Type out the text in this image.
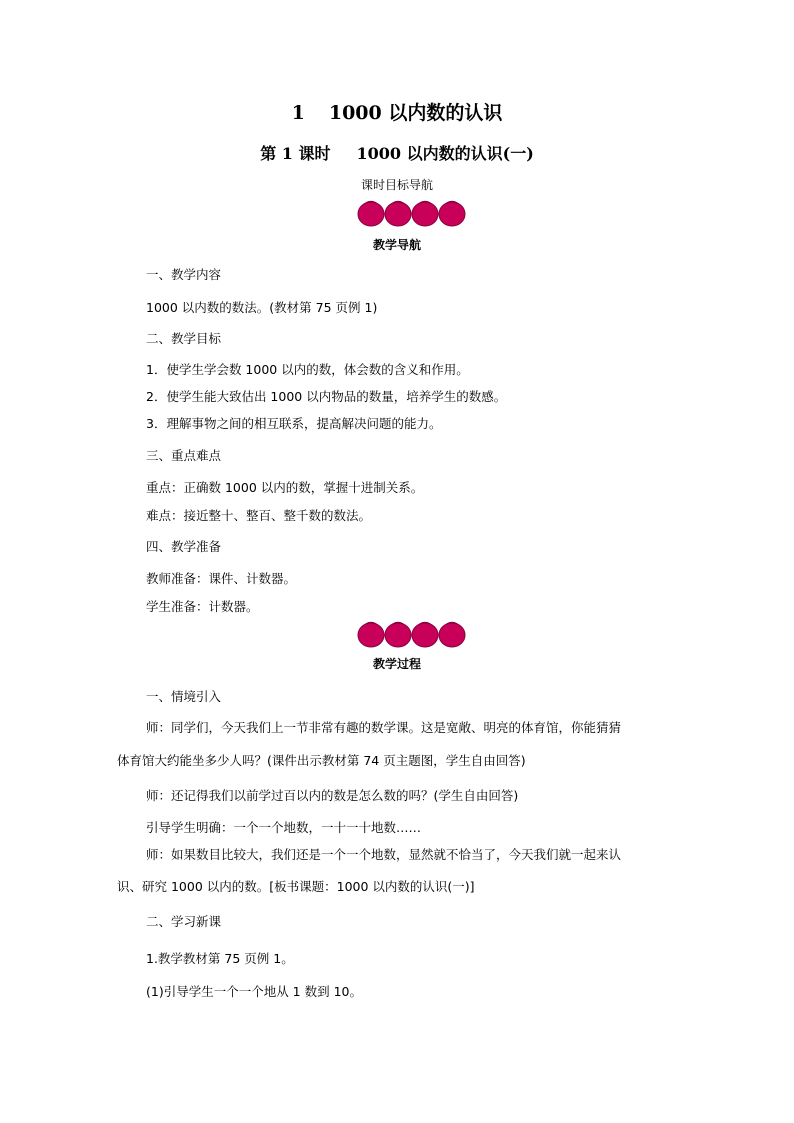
1 1000 以内数的认识
第 1 课时 1000 以内数的认识(一)
课时目标导航
教学导航
一、教学内容
1000 以内数的数法。(教材第 75 页例 1)
二、教学目标
1．使学生学会数 1000 以内的数，体会数的含义和作用。
2．使学生能大致估出 1000 以内物品的数量，培养学生的数感。
3．理解事物之间的相互联系，提高解决问题的能力。
三、重点难点
重点：正确数 1000 以内的数，掌握十进制关系。
难点：接近整十、整百、整千数的数法。
四、教学准备
教师准备：课件、计数器。
学生准备：计数器。
教学过程
一、情境引入
师：同学们，今天我们上一节非常有趣的数学课。这是宽敞、明亮的体育馆，你能猜猜
体育馆大约能坐多少人吗？(课件出示教材第 74 页主题图，学生自由回答)
师：还记得我们以前学过百以内的数是怎么数的吗？(学生自由回答)
引导学生明确：一个一个地数，一十一十地数……
师：如果数目比较大，我们还是一个一个地数，显然就不恰当了，今天我们就一起来认
识、研究 1000 以内的数。[板书课题：1000 以内数的认识(一)]
二、学习新课
1.教学教材第 75 页例 1。
(1)引导学生一个一个地从 1 数到 10。
